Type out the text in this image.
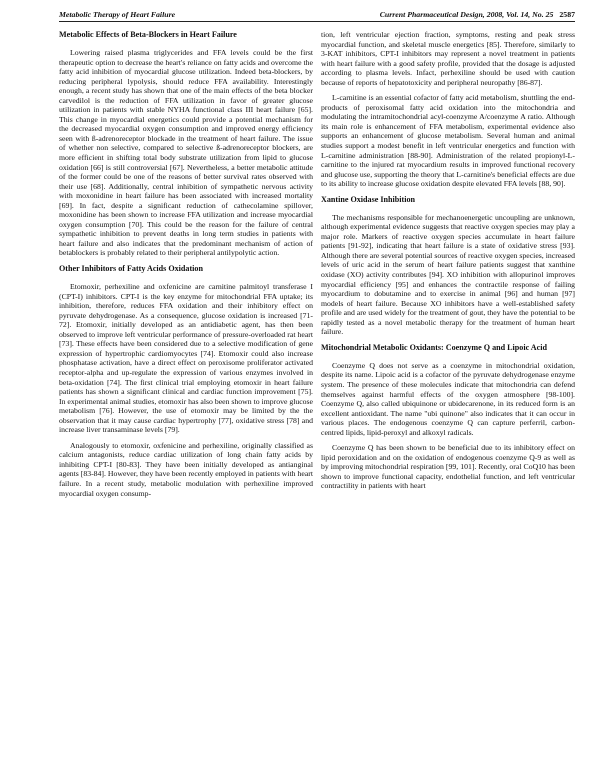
Metabolic Therapy of Heart Failure	Current Pharmaceutical Design, 2008, Vol. 14, No. 25 2587
Metabolic Effects of Beta-Blockers in Heart Failure

Lowering raised plasma triglycerides and FFA levels could be the first therapeutic option to decrease the heart's reliance on fatty acids and overcome the fatty acid inhibition of myocardial glucose utilization. Indeed beta-blockers, by reducing peripheral lypolysis, should reduce FFA availability. Interestingly enough, a recent study has shown that one of the main effects of the beta blocker carvedilol is the reduction of FFA utilization in favor of greater glucose utilization in patients with stable NYHA functional class III heart failure [65]. This change in myocardial energetics could provide a potential mechanism for the decreased myocardial oxygen consumption and improved energy efficiency seen with ß-adrenoreceptor blockade in the treatment of heart failure. The issue of whether non selective, compared to selective ß-adrenoreceptor blockers, are more efficient in shifting total body substrate utilization from lipid to glucose oxidation [66] is still controversial [67]. Nevertheless, a better metabolic attitude of the former could be one of the reasons of better survival rates observed with their use [68]. Additionally, central inhibition of sympathetic nervous activity with moxonidine in heart failure has been associated with increased mortality [69]. In fact, despite a significant reduction of cathecolamine spillover, moxonidine has been shown to increase FFA utilization and increase myocardial oxygen consumption [70]. This could be the reason for the failure of central sympathetic inhibition to prevent deaths in long term studies in patients with heart failure and also indicates that the predominant mechanism of action of betablockers is probably related to their peripheral antilypolytic action.

Other Inhibitors of Fatty Acids Oxidation

Etomoxir, perhexiline and oxfenicine are carnitine palmitoyl transferase I (CPT-I) inhibitors. CPT-I is the key enzyme for mitochondrial FFA uptake; its inhibition, therefore, reduces FFA oxidation and their inhibitory effect on pyruvate dehydrogenase. As a consequence, glucose oxidation is increased [71-72]. Etomoxir, initially developed as an antidiabetic agent, has then been observed to improve left ventricular performance of pressure-overloaded rat heart [73]. These effects have been considered due to a selective modification of gene expression of hypertrophic cardiomyocytes [74]. Etomoxir could also increase phosphatase activation, have a direct effect on peroxisome proliferator activated receptor-alpha and up-regulate the expression of various enzymes involved in beta-oxidation [74]. The first clinical trial employing etomoxir in heart failure patients has shown a significant clinical and cardiac function improvement [75]. In experimental animal studies, etomoxir has also been shown to improve glucose metabolism [76]. However, the use of etomoxir may be limited by the the observation that it may cause cardiac hypertrophy [77], oxidative stress [78] and increase liver transaminase levels [79].

Analogously to etomoxir, oxfenicine and perhexiline, originally classified as calcium antagonists, reduce cardiac utilization of long chain fatty acids by inhibiting CPT-I [80-83]. They have been initially developed as antianginal agents [83-84]. However, they have been recently employed in patients with heart failure. In a recent study, metabolic modulation with perhexiline improved myocardial oxygen consump-

tion, left ventricular ejection fraction, symptoms, resting and peak stress myocardial function, and skeletal muscle energetics [85]. Therefore, similarly to 3-KAT inhibitors, CPT-I inhibitors may represent a novel treatment in patients with heart failure with a good safety profile, provided that the dosage is adjusted according to plasma levels. Infact, perhexiline should be used with caution because of reports of hepatotoxicity and peripheral neuropathy [86-87].

L-carnitine is an essential cofactor of fatty acid metabolism, shuttling the end-products of peroxisomal fatty acid oxidation into the mitochondria and modulating the intramitochondrial acyl-coenzyme A/coenzyme A ratio. Although its main role is enhancement of FFA metabolism, experimental evidence also supports an enhancement of glucose metabolism. Several human and animal studies support a modest benefit in left ventricular energetics and function with L-carnitine administration [88-90]. Administration of the related propionyl-L-carnitine to the injured rat myocardium results in improved functional recovery and glucose use, supporting the theory that L-carnitine's beneficial effects are due to its ability to increase glucose oxidation despite elevated FFA levels [88, 90].

Xantine Oxidase Inhibition

The mechanisms responsible for mechanoenergetic uncoupling are unknown, although experimental evidence suggests that reactive oxygen species may play a major role. Markers of reactive oxygen species accumulate in heart failure patients [91-92], indicating that heart failure is a state of oxidative stress [93]. Although there are several potential sources of reactive oxygen species, increased levels of uric acid in the serum of heart failure patients suggest that xanthine oxidase (XO) activity contributes [94]. XO inhibition with allopurinol improves myocardial efficiency [95] and enhances the contractile response of failing myocardium to dobutamine and to exercise in animal [96] and human [97] models of heart failure. Because XO inhibitors have a well-established safety profile and are used widely for the treatment of gout, they have the potential to be rapidly tested as a novel metabolic therapy for the treatment of human heart failure.

Mitochondrial Metabolic Oxidants: Coenzyme Q and Lipoic Acid

Coenzyme Q does not serve as a coenzyme in mitochondrial oxidation, despite its name. Lipoic acid is a cofactor of the pyruvate dehydrogenase enzyme system. The presence of these molecules indicate that mitochondria can defend themselves against harmful effects of the oxygen atmosphere [98-100]. Coenzyme Q, also called ubiquinone or ubidecarenone, in its reduced form is an excellent antioxidant. The name "ubi quinone" also indicates that it can occur in various places. The endogenous coenzyme Q can capture perferril, carbon-centred lipids, lipid-peroxyl and alkoxyl radicals.

Coenzyme Q has been shown to be beneficial due to its inhibitory effect on lipid peroxidation and on the oxidation of endogenous coenzyme Q-9 as well as by improving mitochondrial respiration [99, 101]. Recently, oral CoQ10 has been shown to improve functional capacity, endothelial function, and left ventricular contractility in patients with heart
